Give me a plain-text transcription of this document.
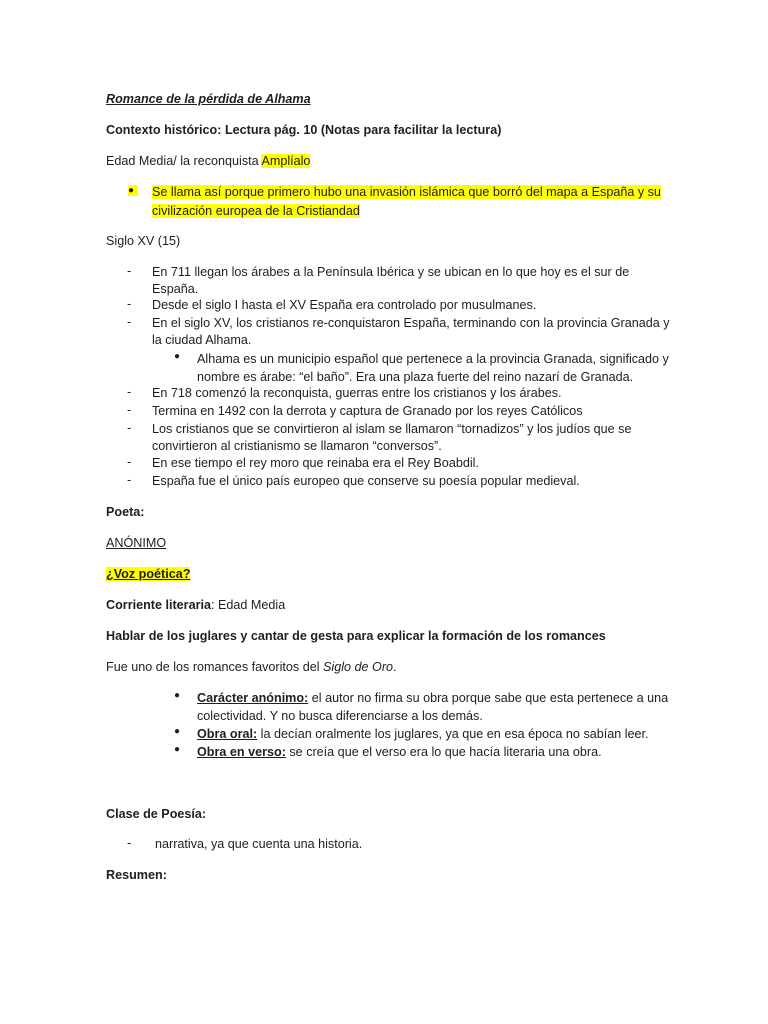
Romance de la pérdida de Alhama
Contexto histórico: Lectura pág. 10 (Notas para facilitar la lectura)
Edad Media/ la reconquista Amplíalo
●	Se llama así porque primero hubo una invasión islámica que borró del mapa a España y su civilización europea de la Cristiandad
Siglo XV (15)
-	En 711 llegan los árabes a la Península Ibérica y se ubican en lo que hoy es el sur de España.
-	Desde el siglo I hasta el XV España era controlado por musulmanes.
-	En el siglo XV, los cristianos re-conquistaron España, terminando con la provincia Granada y la ciudad Alhama.
●	Alhama es un municipio español que pertenece a la provincia Granada, significado y nombre es árabe: “el baño”. Era una plaza fuerte del reino nazarí de Granada.
-	En 718 comenzó la reconquista, guerras entre los cristianos y los árabes.
-	Termina en 1492 con la derrota y captura de Granado por los reyes Católicos
-	Los cristianos que se convirtieron al islam se llamaron “tornadizos” y los judíos que se convirtieron al cristianismo se llamaron “conversos”.
-	En ese tiempo el rey moro que reinaba era el Rey Boabdil.
-	España fue el único país europeo que conserve su poesía popular medieval.
Poeta:
ANÓNIMO
¿Voz poética?
Corriente literaria: Edad Media
Hablar de los juglares y cantar de gesta para explicar la formación de los romances
Fue uno de los romances favoritos del Siglo de Oro.
●	Carácter anónimo: el autor no firma su obra porque sabe que esta pertenece a una colectividad. Y no busca diferenciarse a los demás.
●	Obra oral: la decían oralmente los juglares, ya que en esa época no sabían leer.
●	Obra en verso: se creía que el verso era lo que hacía literaria una obra.
Clase de Poesía:
-	narrativa, ya que cuenta una historia.
Resumen:
